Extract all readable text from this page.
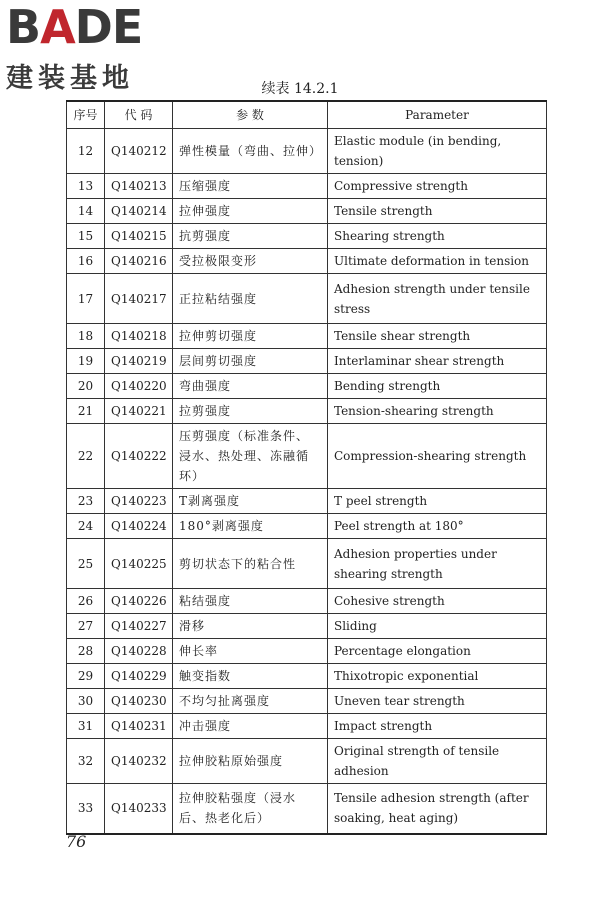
BADE
建装基地	续表 14.2.1
序号	代 码	参 数	Parameter
12	Q140212	弹性模量（弯曲、拉伸）	Elastic module (in bending, tension)
13	Q140213	压缩强度	Compressive strength
14	Q140214	拉伸强度	Tensile strength
15	Q140215	抗剪强度	Shearing strength
16	Q140216	受拉极限变形	Ultimate deformation in tension
17	Q140217	正拉粘结强度	Adhesion strength under tensile stress
18	Q140218	拉伸剪切强度	Tensile shear strength
19	Q140219	层间剪切强度	Interlaminar shear strength
20	Q140220	弯曲强度	Bending strength
21	Q140221	拉剪强度	Tension-shearing strength
22	Q140222	压剪强度（标准条件、浸水、热处理、冻融循环）	Compression-shearing strength
23	Q140223	T剥离强度	T peel strength
24	Q140224	180°剥离强度	Peel strength at 180°
25	Q140225	剪切状态下的粘合性	Adhesion properties under shearing strength
26	Q140226	粘结强度	Cohesive strength
27	Q140227	滑移	Sliding
28	Q140228	伸长率	Percentage elongation
29	Q140229	触变指数	Thixotropic exponential
30	Q140230	不均匀扯离强度	Uneven tear strength
31	Q140231	冲击强度	Impact strength
32	Q140232	拉伸胶粘原始强度	Original strength of tensile adhesion
33	Q140233	拉伸胶粘强度（浸水后、热老化后）	Tensile adhesion strength (after soaking, heat aging)
76
